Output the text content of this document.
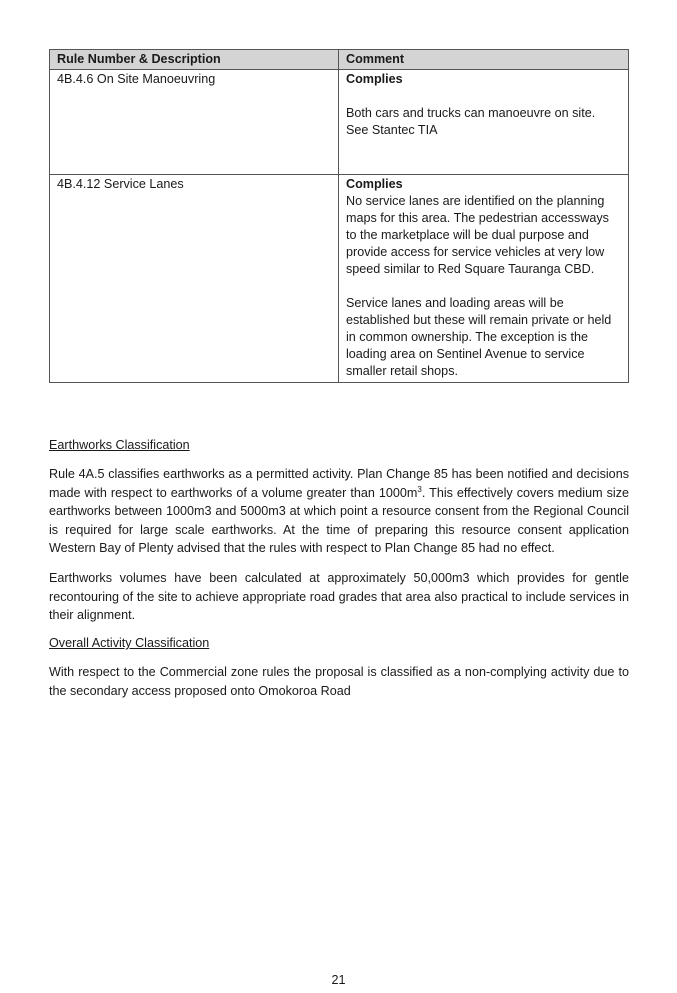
Rule Number & Description	Comment
4B.4.6 On Site Manoeuvring	Complies
Both cars and trucks can manoeuvre on site. See Stantec TIA

4B.4.12 Service Lanes	Complies
No service lanes are identified on the planning maps for this area. The pedestrian accessways to the marketplace will be dual purpose and provide access for service vehicles at very low speed similar to Red Square Tauranga CBD.
Service lanes and loading areas will be established but these will remain private or held in common ownership. The exception is the loading area on Sentinel Avenue to service smaller retail shops.
Earthworks Classification
Rule 4A.5 classifies earthworks as a permitted activity. Plan Change 85 has been notified and decisions made with respect to earthworks of a volume greater than $1000m^3$. This effectively covers medium size earthworks between 1000m3 and 5000m3 at which point a resource consent from the Regional Council is required for large scale earthworks. At the time of preparing this resource consent application Western Bay of Plenty advised that the rules with respect to Plan Change 85 had no effect.
Earthworks volumes have been calculated at approximately 50,000m3 which provides for gentle recontouring of the site to achieve appropriate road grades that area also practical to include services in their alignment.
Overall Activity Classification
With respect to the Commercial zone rules the proposal is classified as a non-complying activity due to the secondary access proposed onto Omokoroa Road
21
